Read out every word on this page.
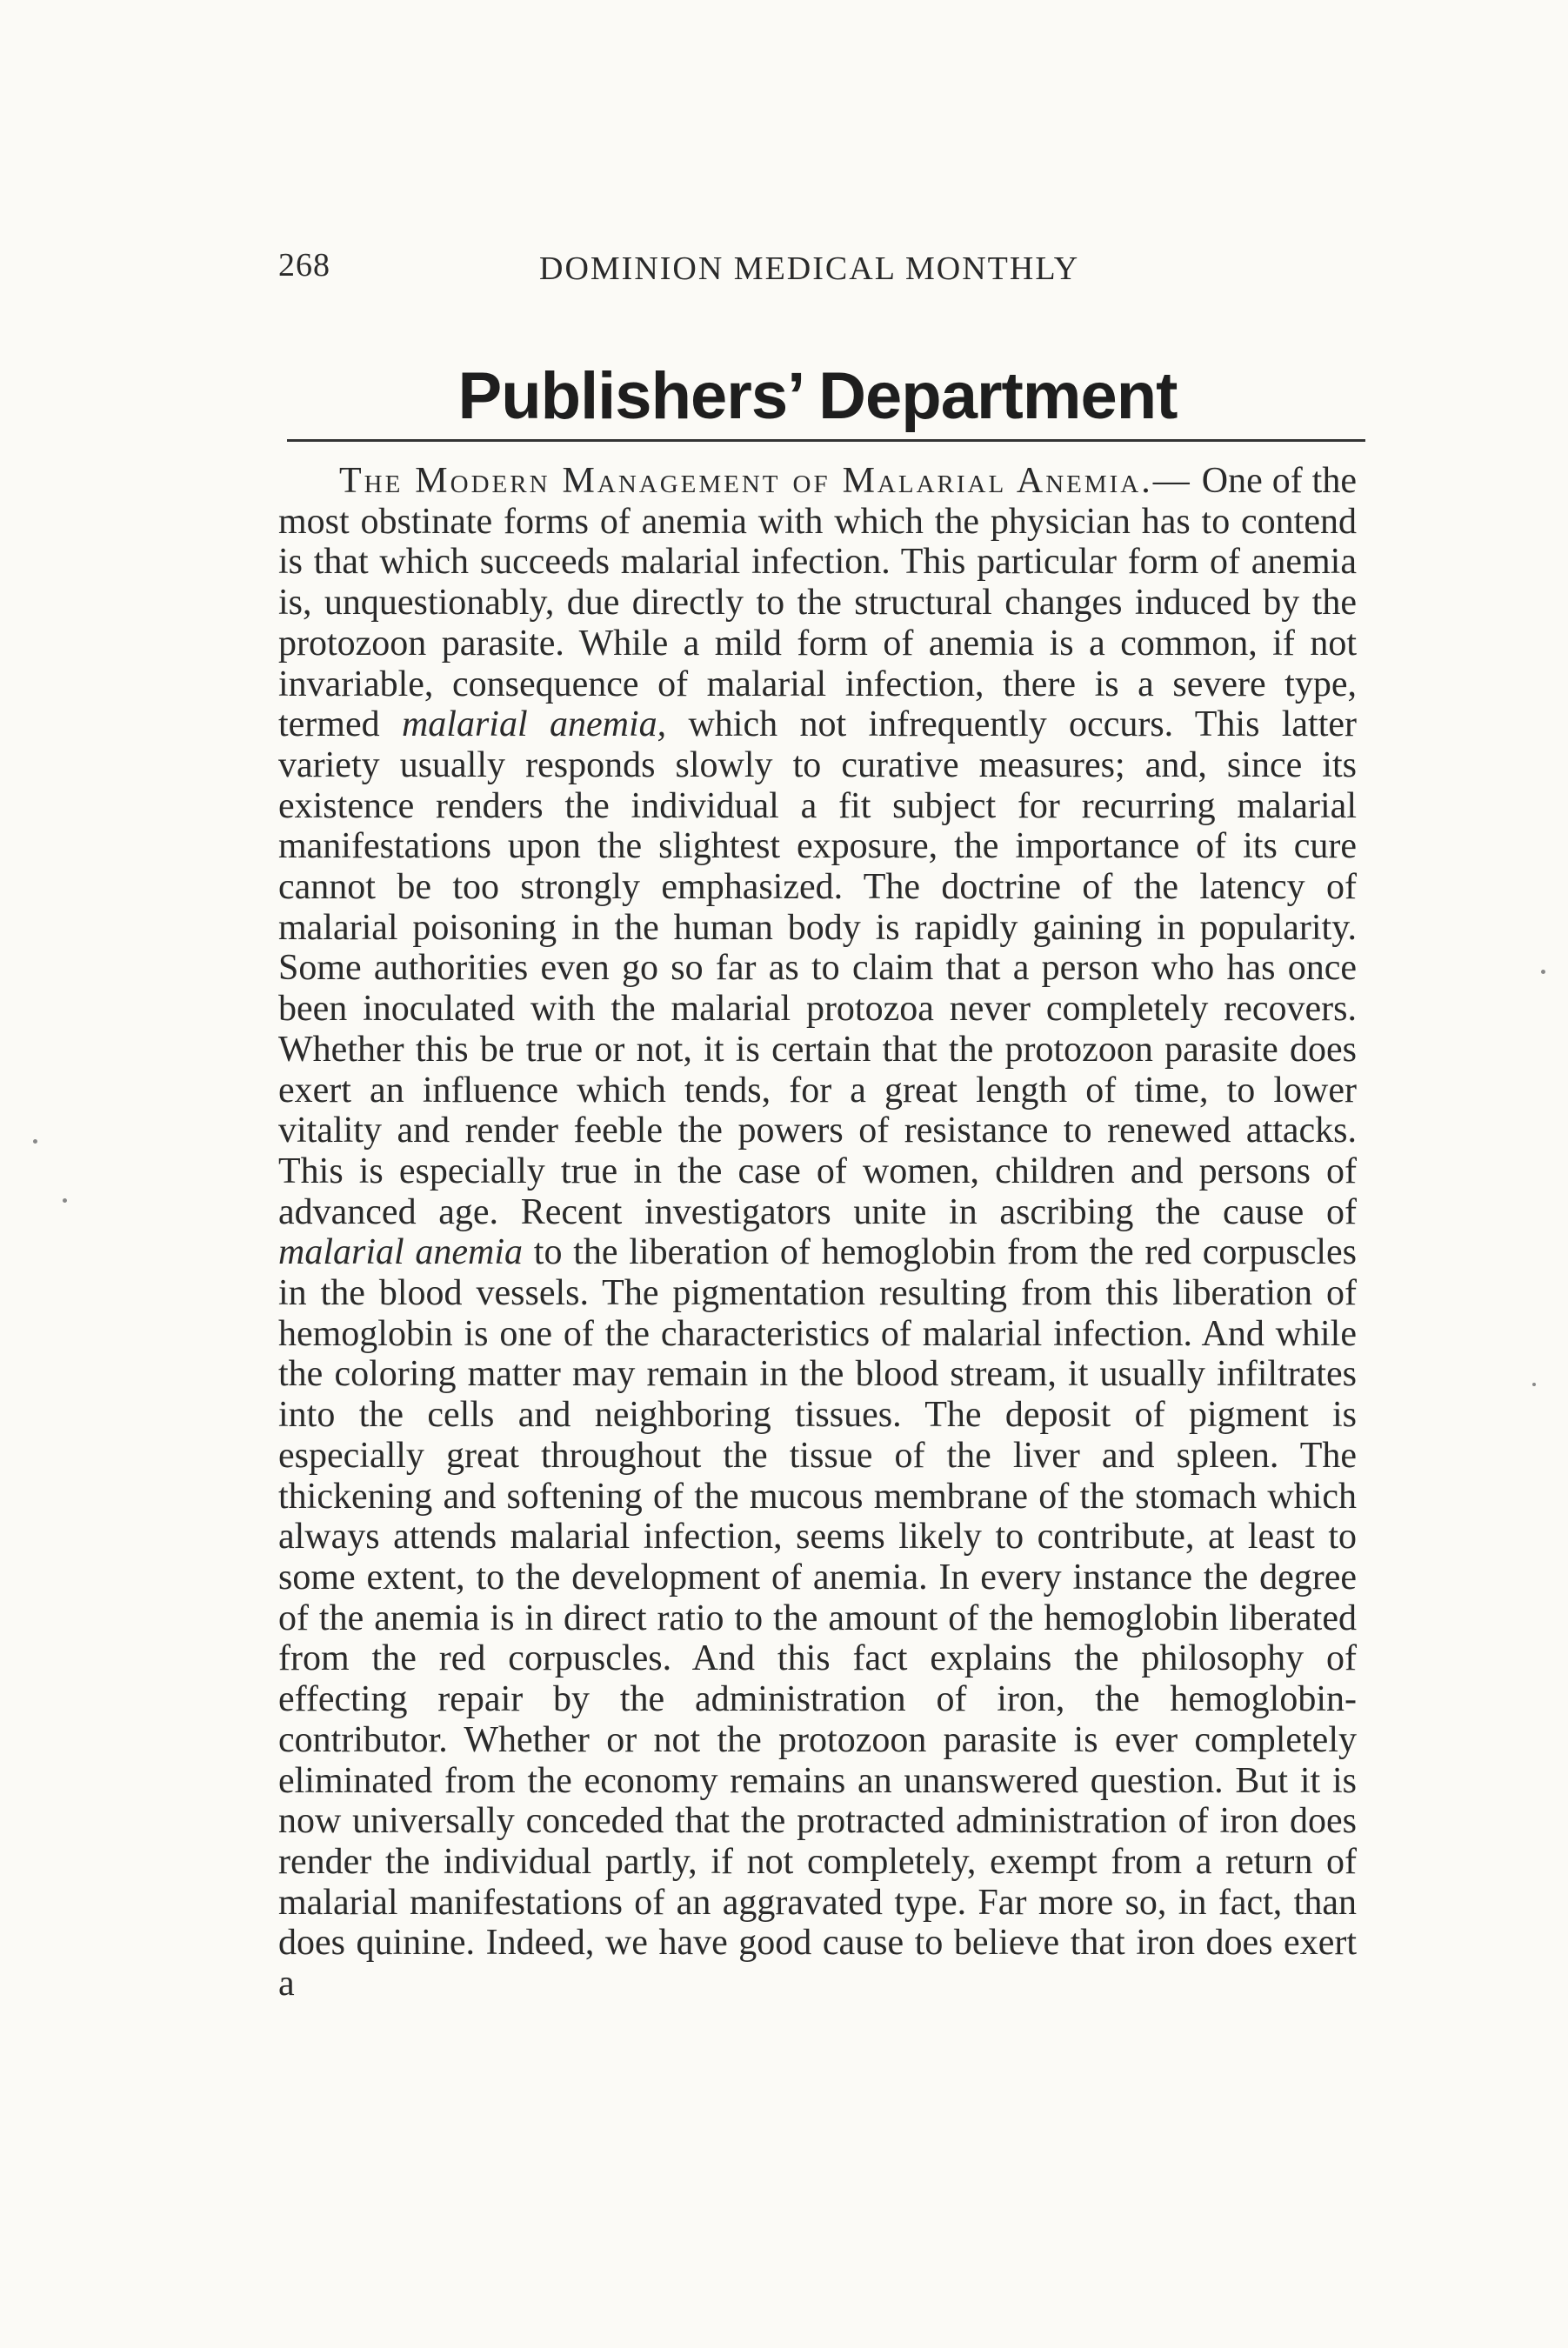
268	DOMINION MEDICAL MONTHLY
Publishers’ Department

The Modern Management of Malarial Anemia.— One of the most obstinate forms of anemia with which the physician has to contend is that which succeeds malarial infection. This particular form of anemia is, unquestionably, due directly to the structural changes induced by the protozoon parasite. While a mild form of anemia is a common, if not invariable, consequence of malarial infection, there is a severe type, termed malarial anemia, which not infrequently occurs. This latter variety usually responds slowly to curative measures; and, since its existence renders the individual a fit subject for recurring malarial manifestations upon the slightest exposure, the importance of its cure cannot be too strongly emphasized. The doctrine of the latency of malarial poisoning in the human body is rapidly gaining in popularity. Some authorities even go so far as to claim that a person who has once been inoculated with the malarial protozoa never completely recovers. Whether this be true or not, it is certain that the protozoon parasite does exert an influence which tends, for a great length of time, to lower vitality and render feeble the powers of resistance to renewed attacks. This is especially true in the case of women, children and persons of advanced age. Recent investigators unite in ascribing the cause of malarial anemia to the liberation of hemoglobin from the red corpuscles in the blood vessels. The pigmentation resulting from this liberation of hemoglobin is one of the characteristics of malarial infection. And while the coloring matter may remain in the blood stream, it usually infiltrates into the cells and neighboring tissues. The deposit of pigment is especially great throughout the tissue of the liver and spleen. The thickening and softening of the mucous membrane of the stomach which always attends malarial infection, seems likely to contribute, at least to some extent, to the development of anemia. In every instance the degree of the anemia is in direct ratio to the amount of the hemoglobin liberated from the red corpuscles. And this fact explains the philosophy of effecting repair by the administration of iron, the hemoglobin-contributor. Whether or not the protozoon parasite is ever completely eliminated from the economy remains an unanswered question. But it is now universally conceded that the protracted administration of iron does render the individual partly, if not completely, exempt from a return of malarial manifestations of an aggravated type. Far more so, in fact, than does quinine. Indeed, we have good cause to believe that iron does exert a
